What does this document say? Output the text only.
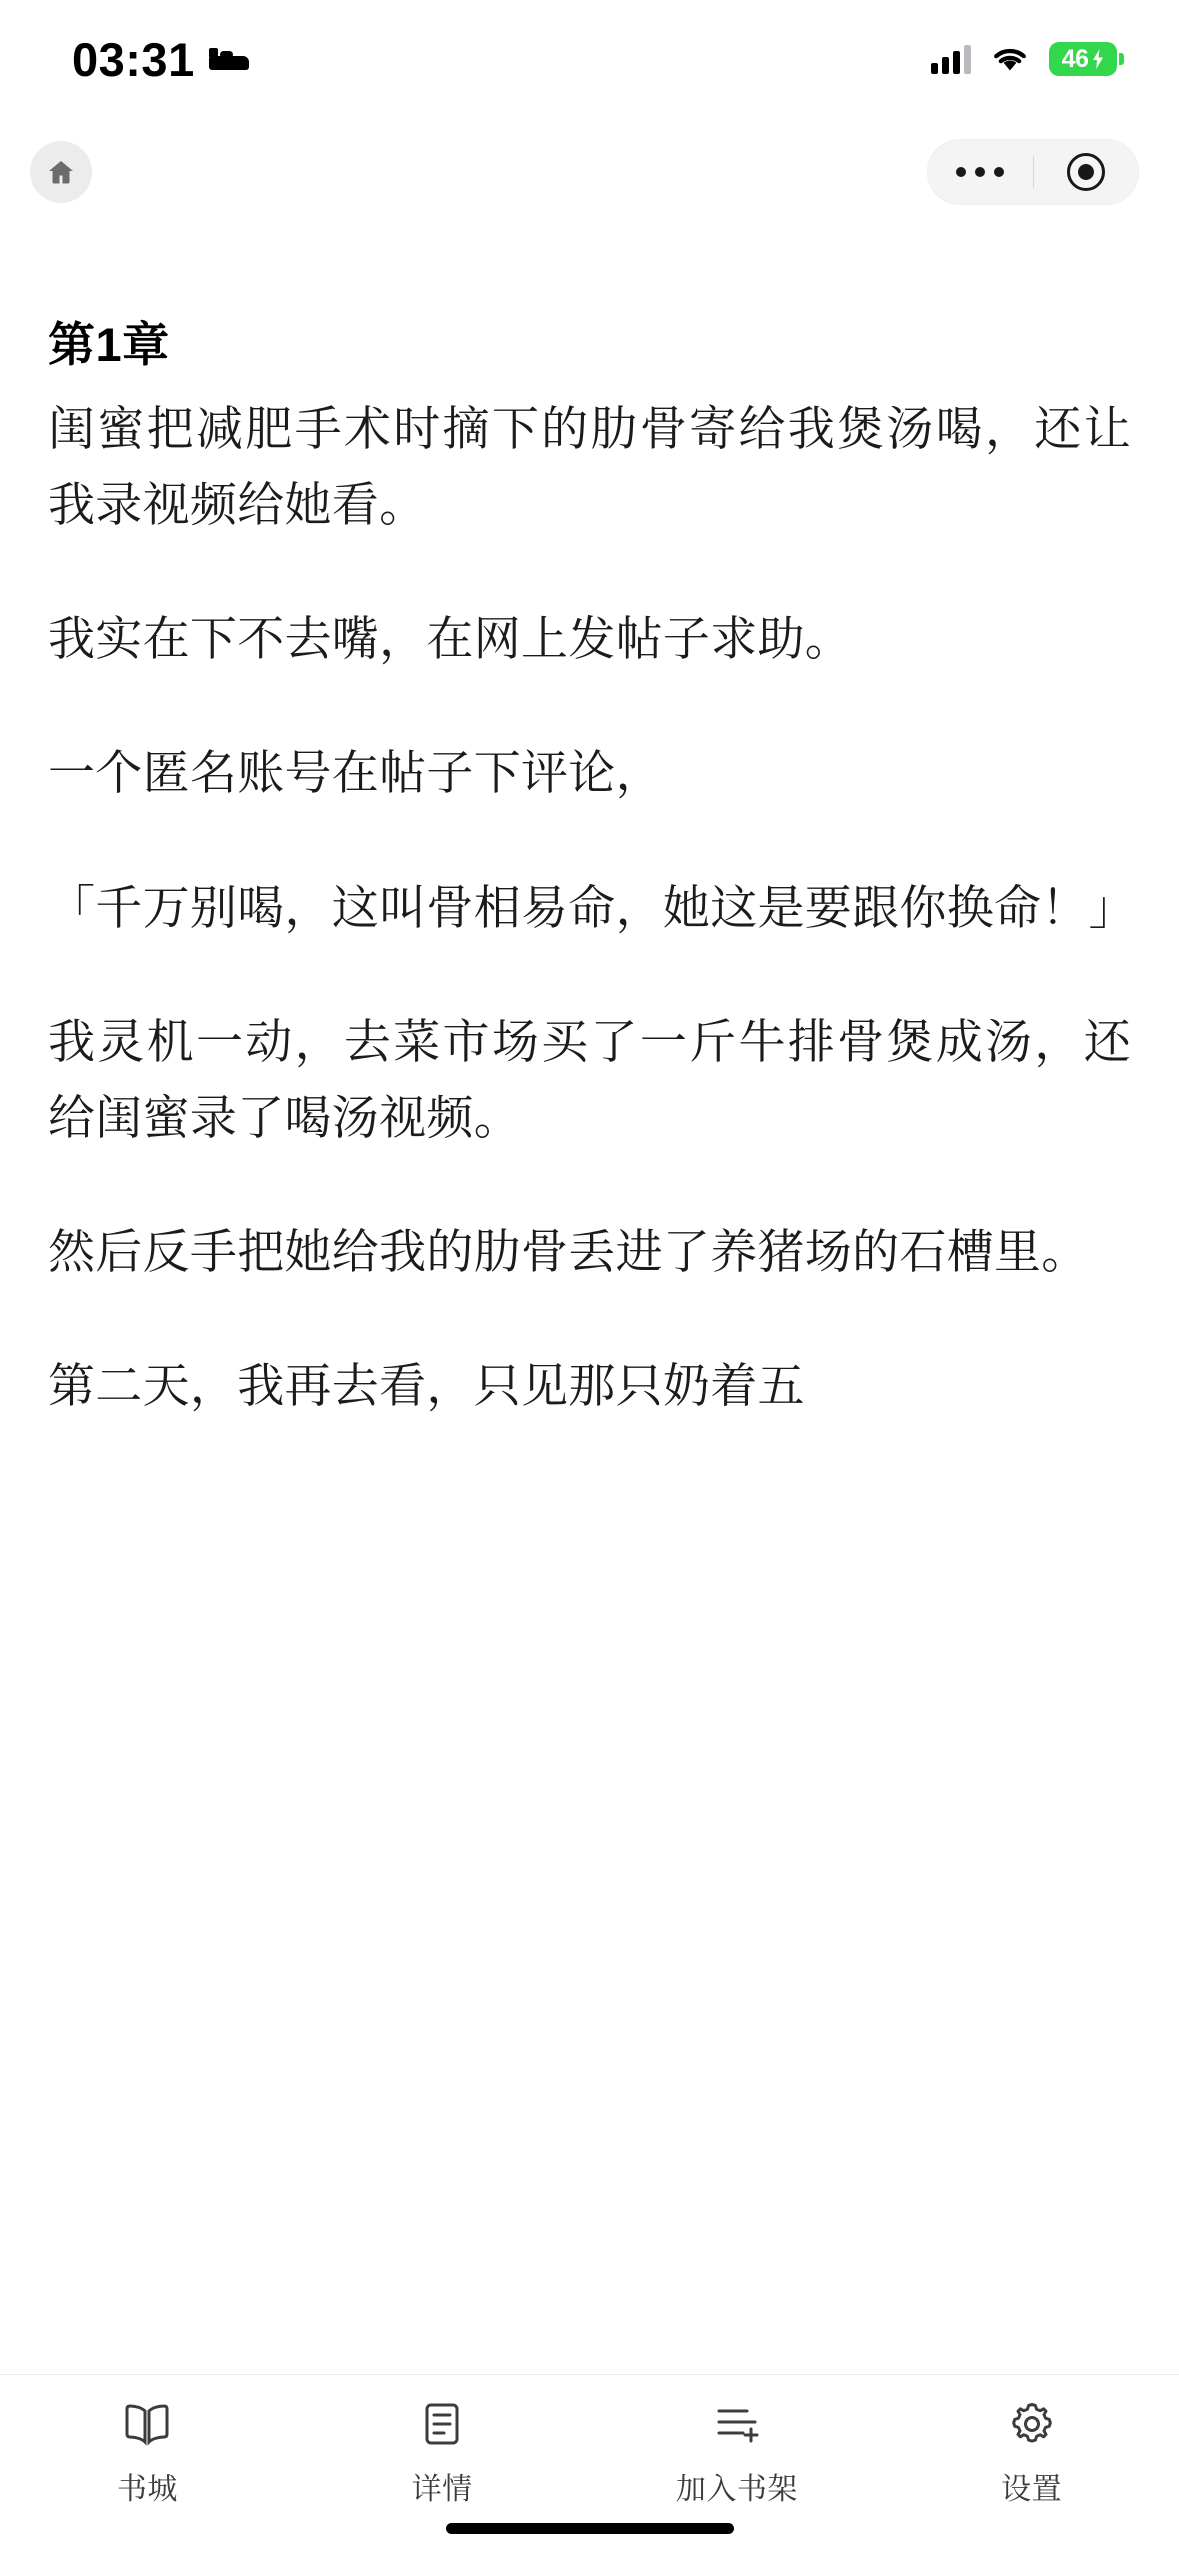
03:31	46
第1章

闺蜜把减肥手术时摘下的肋骨寄给我煲汤喝，还让我录视频给她看。

我实在下不去嘴，在网上发帖子求助。

一个匿名账号在帖子下评论，

「千万别喝，这叫骨相易命，她这是要跟你换命！」

我灵机一动，去菜市场买了一斤牛排骨煲成汤，还给闺蜜录了喝汤视频。

然后反手把她给我的肋骨丢进了养猪场的石槽里。

第二天，我再去看，只见那只奶着五

书城	详情	加入书架	设置
